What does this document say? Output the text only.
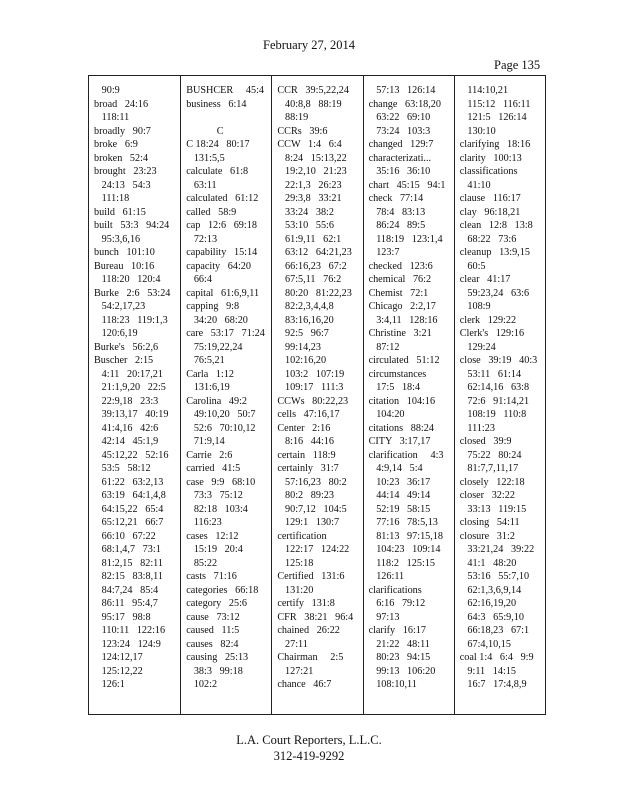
February 27, 2014
Page 135
90:9
broad   24:16
118:11
broadly   90:7
broke   6:9
broken   52:4
brought   23:23
24:13   54:3
111:18
build   61:15
built   53:3   94:24
95:3,6,16
bunch   101:10
Bureau   10:16
118:20   120:4
Burke   2:6   53:24
54:2,17,23
118:23   119:1,3
120:6,19
Burke's   56:2,6
Buscher   2:15
4:11   20:17,21
21:1,9,20   22:5
22:9,18   23:3
39:13,17   40:19
41:4,16   42:6
42:14   45:1,9
45:12,22   52:16
53:5   58:12
61:22   63:2,13
63:19   64:1,4,8
64:15,22   65:4
65:12,21   66:7
66:10   67:22
68:1,4,7   73:1
81:2,15   82:11
82:15   83:8,11
84:7,24   85:4
86:11   95:4,7
95:17   98:8
110:11   122:16
123:24   124:9
124:12,17
125:12,22
126:1
BUSHCER     45:4
business   6:14

C
C 18:24   80:17
131:5,5
calculate   61:8
63:11
calculated   61:12
called   58:9
cap   12:6   69:18
72:13
capability   15:14
capacity   64:20
66:4
capital   61:6,9,11
capping   9:8
34:20   68:20
care   53:17   71:24
75:19,22,24
76:5,21
Carla   1:12
131:6,19
Carolina   49:2
49:10,20   50:7
52:6   70:10,12
71:9,14
Carrie   2:6
carried   41:5
case   9:9   68:10
73:3   75:12
82:18   103:4
116:23
cases   12:12
15:19   20:4
85:22
casts   71:16
categories   66:18
category   25:6
cause   73:12
caused   11:5
causes   82:4
causing   25:13
38:3   99:18
102:2
CCR   39:5,22,24
40:8,8   88:19
88:19
CCRs   39:6
CCW   1:4   6:4
8:24   15:13,22
19:2,10   21:23
22:1,3   26:23
29:3,8   33:21
33:24   38:2
53:10   55:6
61:9,11   62:1
63:12   64:21,23
66:16,23   67:2
67:5,11   76:2
80:20   81:22,23
82:2,3,4,4,8
83:16,16,20
92:5   96:7
99:14,23
102:16,20
103:2   107:19
109:17   111:3
CCWs   80:22,23
cells   47:16,17
Center   2:16
8:16   44:16
certain   118:9
certainly   31:7
57:16,23   80:2
80:2   89:23
90:7,12   104:5
129:1   130:7
certification
122:17   124:22
125:18
Certified   131:6
131:20
certify   131:8
CFR   38:21   96:4
chained   26:22
27:11
Chairman     2:5
127:21
chance   46:7
57:13   126:14
change   63:18,20
63:22   69:10
73:24   103:3
changed   129:7
characterizati...
35:16   36:10
chart   45:15   94:1
check   77:14
78:4   83:13
86:24   89:5
118:19   123:1,4
123:7
checked   123:6
chemical   76:2
Chemist   72:1
Chicago   2:2,17
3:4,11   128:16
Christine   3:21
87:12
circulated   51:12
circumstances
17:5   18:4
citation   104:16
104:20
citations   88:24
CITY   3:17,17
clarification     4:3
4:9,14   5:4
10:23   36:17
44:14   49:14
52:19   58:15
77:16   78:5,13
81:13   97:15,18
104:23   109:14
118:2   125:15
126:11
clarifications
6:16   79:12
97:13
clarify   16:17
21:22   48:11
80:23   94:15
99:13   106:20
108:10,11
114:10,21
115:12   116:11
121:5   126:14
130:10
clarifying   18:16
clarity   100:13
classifications
41:10
clause   116:17
clay   96:18,21
clean   12:8   13:8
68:22   73:6
cleanup   13:9,15
60:5
clear   41:17
59:23,24   63:6
108:9
clerk   129:22
Clerk's   129:16
129:24
close   39:19   40:3
53:11   61:14
62:14,16   63:8
72:6   91:14,21
108:19   110:8
111:23
closed   39:9
75:22   80:24
81:7,7,11,17
closely   122:18
closer   32:22
33:13   119:15
closing   54:11
closure   31:2
33:21,24   39:22
41:1   48:20
53:16   55:7,10
62:1,3,6,9,14
62:16,19,20
64:3   65:9,10
66:18,23   67:1
67:4,10,15
coal 1:4   6:4   9:9
9:11   14:15
16:7   17:4,8,9
L.A. Court Reporters, L.L.C.
312-419-9292
